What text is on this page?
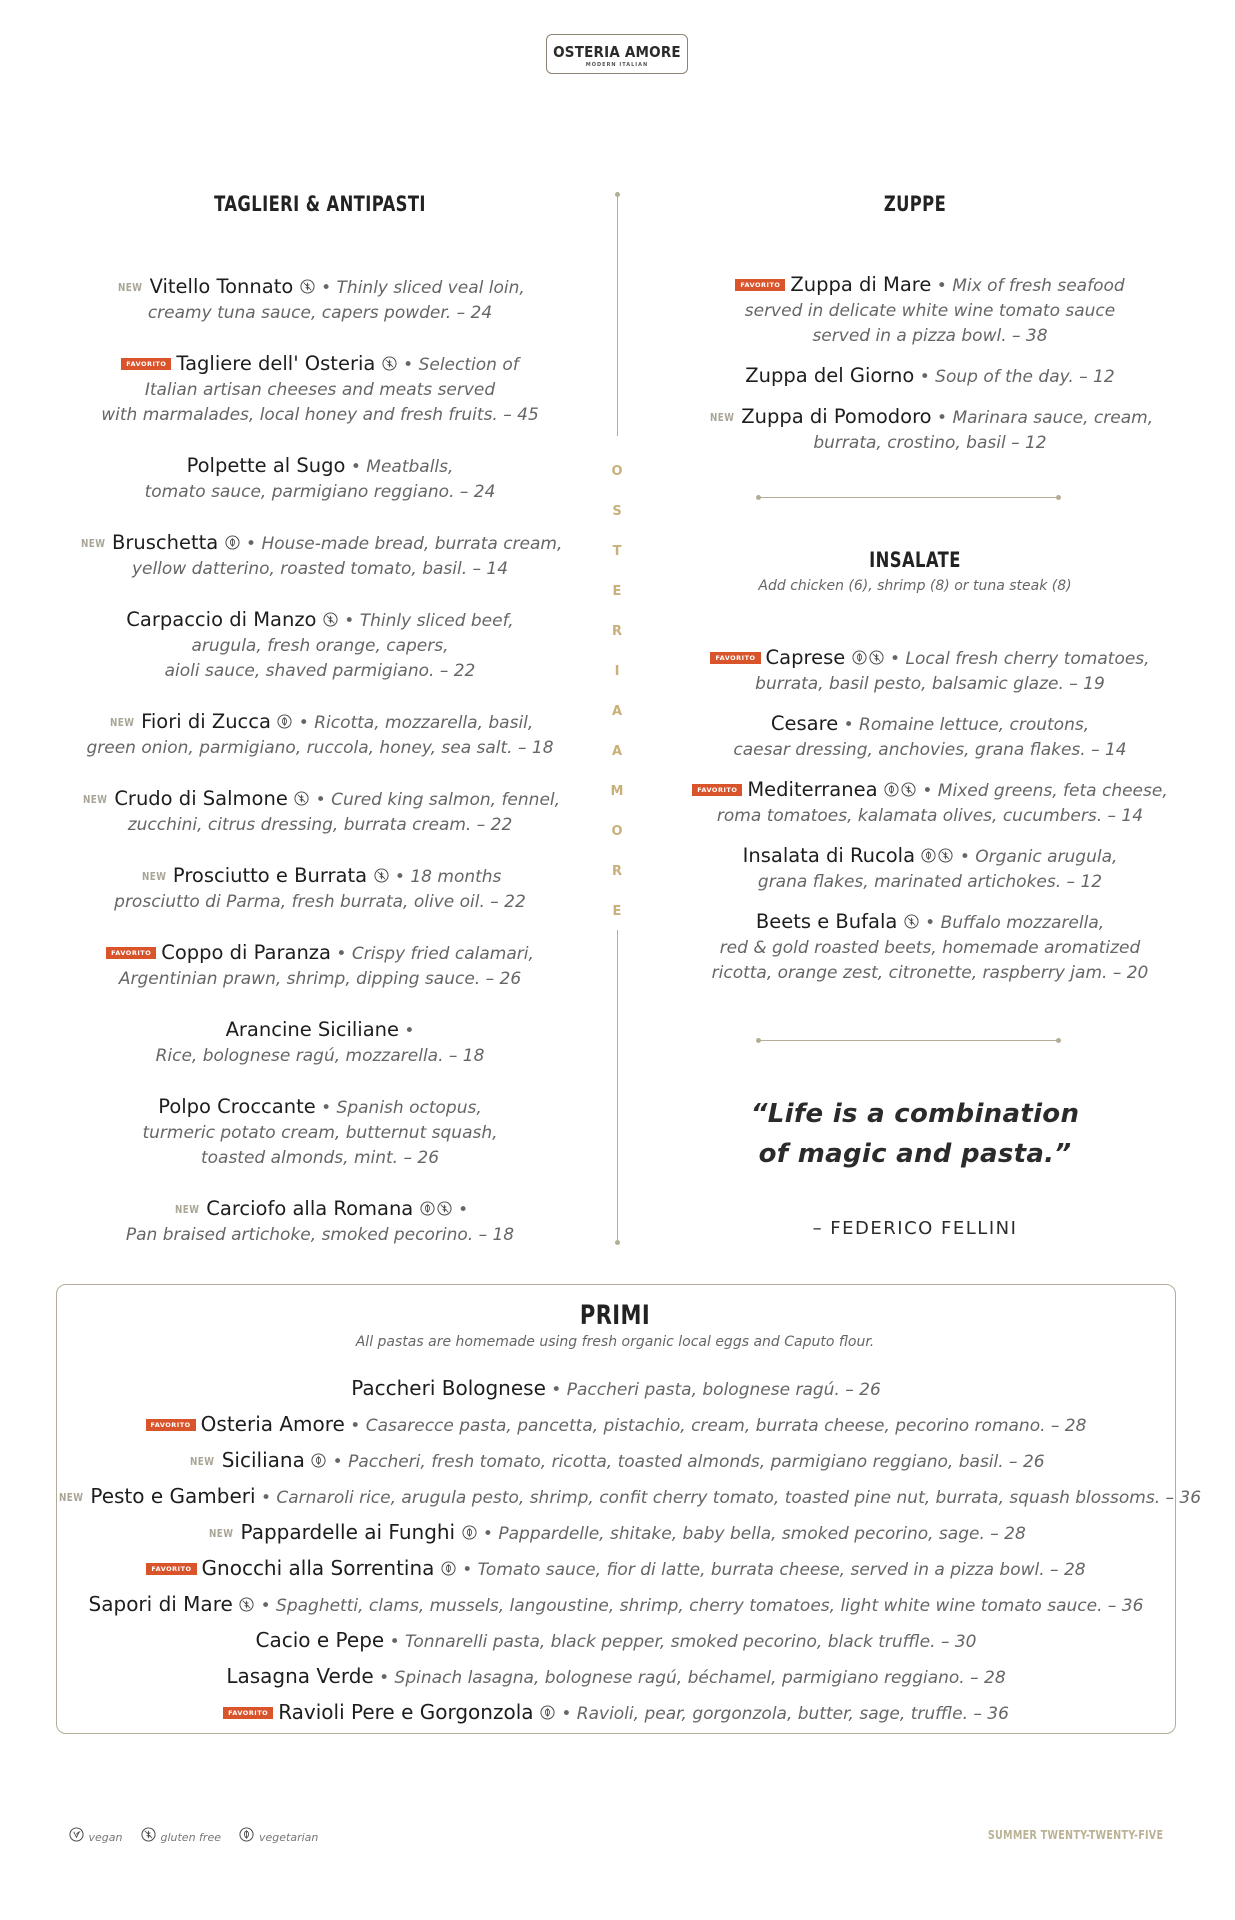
OSTERIA AMORE
MODERN ITALIAN
TAGLIERI & ANTIPASTI	ZUPPE
INSALATE
Add chicken (6), shrimp (8) or tuna steak (8)
NEW Vitello Tonnato
• Thinly sliced veal loin,
creamy tuna sauce, capers powder. – 24
FAVORITO Tagliere dell' Osteria
• Selection of
Italian artisan cheeses and meats served
with marmalades, local honey and fresh fruits. – 45
Polpette al Sugo • Meatballs,
tomato sauce, parmigiano reggiano. – 24
NEW Bruschetta
• House-made bread, burrata cream,
yellow datterino, roasted tomato, basil. – 14
Carpaccio di Manzo
• Thinly sliced beef,
arugula, fresh orange, capers,
aioli sauce, shaved parmigiano. – 22
NEW Fiori di Zucca
• Ricotta, mozzarella, basil,
green onion, parmigiano, ruccola, honey, sea salt. – 18
NEW Crudo di Salmone
• Cured king salmon, fennel,
zucchini, citrus dressing, burrata cream. – 22
NEW Prosciutto e Burrata
• 18 months
prosciutto di Parma, fresh burrata, olive oil. – 22
FAVORITO Coppo di Paranza • Crispy fried calamari,
Argentinian prawn, shrimp, dipping sauce. – 26
Arancine Siciliane •
Rice, bolognese ragú, mozzarella. – 18
Polpo Croccante • Spanish octopus,
turmeric potato cream, butternut squash,
toasted almonds, mint. – 26
NEW Carciofo alla Romana
•
Pan braised artichoke, smoked pecorino. – 18
FAVORITO Zuppa di Mare • Mix of fresh seafood
served in delicate white wine tomato sauce
served in a pizza bowl. – 38
Zuppa del Giorno • Soup of the day. – 12
NEW Zuppa di Pomodoro • Marinara sauce, cream,
burrata, crostino, basil – 12
FAVORITO Caprese
• Local fresh cherry tomatoes,
burrata, basil pesto, balsamic glaze. – 19
Cesare • Romaine lettuce, croutons,
caesar dressing, anchovies, grana flakes. – 14
FAVORITO Mediterranea
• Mixed greens, feta cheese,
roma tomatoes, kalamata olives, cucumbers. – 14
Insalata di Rucola
• Organic arugula,
grana flakes, marinated artichokes. – 12
Beets e Bufala
• Buffalo mozzarella,
red & gold roasted beets, homemade aromatized
ricotta, orange zest, citronette, raspberry jam. – 20
O
S
T
E
R
I
A
A
M
O
R
E
“Life is a combination
of magic and pasta.”
– FEDERICO FELLINI
PRIMI
All pastas are homemade using fresh organic local eggs and Caputo flour.
Paccheri Bolognese • Paccheri pasta, bolognese ragú. – 26
FAVORITO Osteria Amore • Casarecce pasta, pancetta, pistachio, cream, burrata cheese, pecorino romano. – 28
NEW Siciliana
• Paccheri, fresh tomato, ricotta, toasted almonds, parmigiano reggiano, basil. – 26
NEW Pesto e Gamberi • Carnaroli rice, arugula pesto, shrimp, confit cherry tomato, toasted pine nut, burrata, squash blossoms. – 36
NEW Pappardelle ai Funghi
• Pappardelle, shitake, baby bella, smoked pecorino, sage. – 28
FAVORITO Gnocchi alla Sorrentina
• Tomato sauce, fior di latte, burrata cheese, served in a pizza bowl. – 28
Sapori di Mare
• Spaghetti, clams, mussels, langoustine, shrimp, cherry tomatoes, light white wine tomato sauce. – 36
Cacio e Pepe • Tonnarelli pasta, black pepper, smoked pecorino, black truffle. – 30
Lasagna Verde • Spinach lasagna, bolognese ragú, béchamel, parmigiano reggiano. – 28
FAVORITO Ravioli Pere e Gorgonzola
• Ravioli, pear, gorgonzola, butter, sage, truffle. – 36
vegan	gluten free	vegetarian	SUMMER TWENTY-TWENTY-FIVE
